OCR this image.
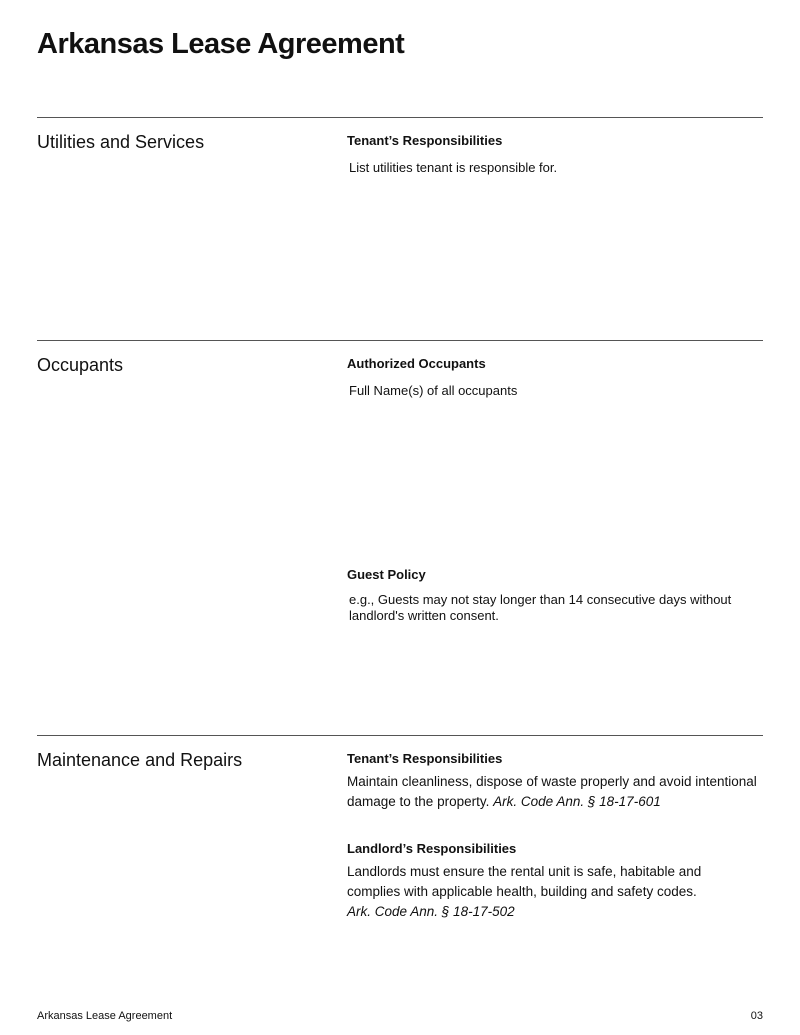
Arkansas Lease Agreement
Utilities and Services	Tenant’s Responsibilities
List utilities tenant is responsible for.
Occupants	Authorized Occupants
Full Name(s) of all occupants
Guest Policy
e.g., Guests may not stay longer than 14 consecutive days without landlord's written consent.
Maintenance and Repairs	Tenant’s Responsibilities
Maintain cleanliness, dispose of waste properly and avoid intentional damage to the property. Ark. Code Ann. § 18-17-601
Landlord’s Responsibilities
Landlords must ensure the rental unit is safe, habitable and complies with applicable health, building and safety codes.
Ark. Code Ann. § 18-17-502
Arkansas Lease Agreement	03
